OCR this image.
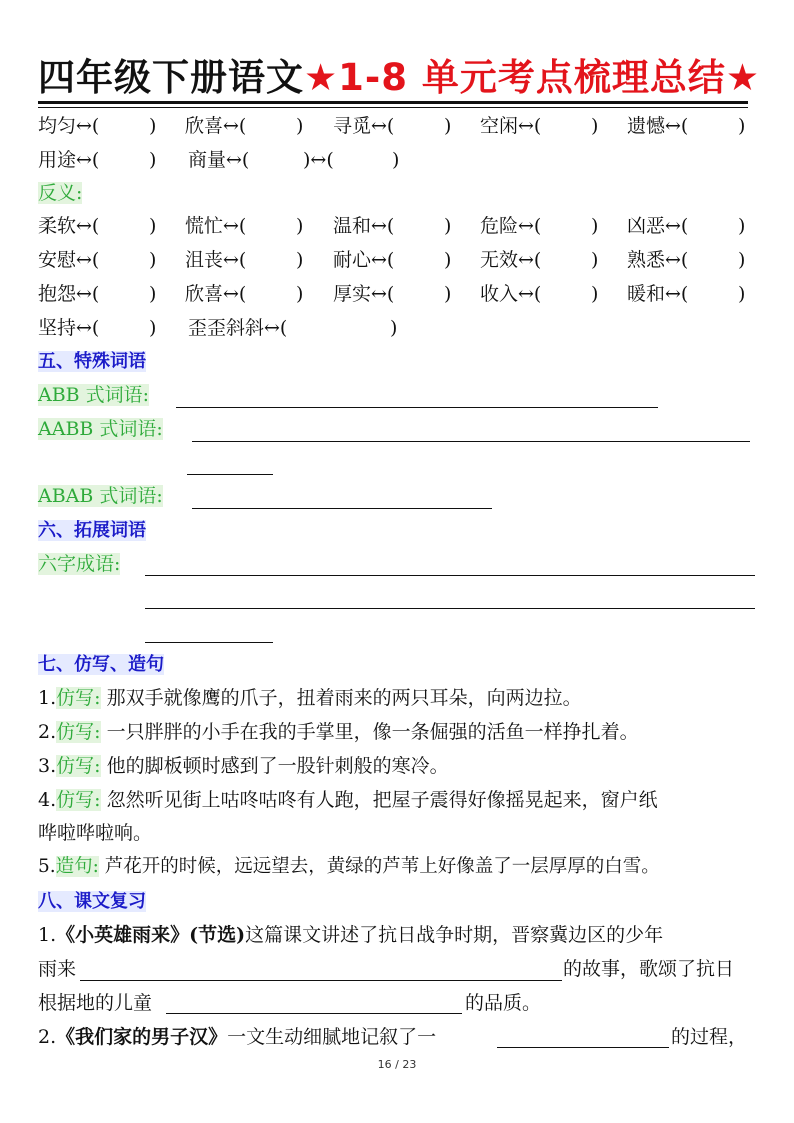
四年级下册语文★1-8 单元考点梳理总结★
均匀↔(	) 欣喜↔(	) 寻觅↔(	) 空闲↔(	) 遗憾↔(	)
用途↔(	) 商量↔(	)↔(	)
反义:
柔软↔(	) 慌忙↔(	) 温和↔(	) 危险↔(	) 凶恶↔(	)
安慰↔(	) 沮丧↔(	) 耐心↔(	) 无效↔(	) 熟悉↔(	)
抱怨↔(	) 欣喜↔(	) 厚实↔(	) 收入↔(	) 暖和↔(	)
坚持↔(	) 歪歪斜斜↔(	)
五、特殊词语
ABB 式词语:
AABB 式词语:
ABAB 式词语:
六、拓展词语
六字成语:
七、仿写、造句
1.仿写: 那双手就像鹰的爪子，扭着雨来的两只耳朵，向两边拉。
2.仿写: 一只胖胖的小手在我的手掌里，像一条倔强的活鱼一样挣扎着。
3.仿写: 他的脚板顿时感到了一股针刺般的寒冷。
4.仿写: 忽然听见街上咕咚咕咚有人跑，把屋子震得好像摇晃起来，窗户纸
哗啦哗啦响。
5.造句: 芦花开的时候，远远望去，黄绿的芦苇上好像盖了一层厚厚的白雪。
八、课文复习
1.《小英雄雨来》(节选)这篇课文讲述了抗日战争时期，晋察冀边区的少年
雨来	的故事，歌颂了抗日
根据地的儿童	的品质。
2.《我们家的男子汉》一文生动细腻地记叙了一	的过程，
16 / 23
